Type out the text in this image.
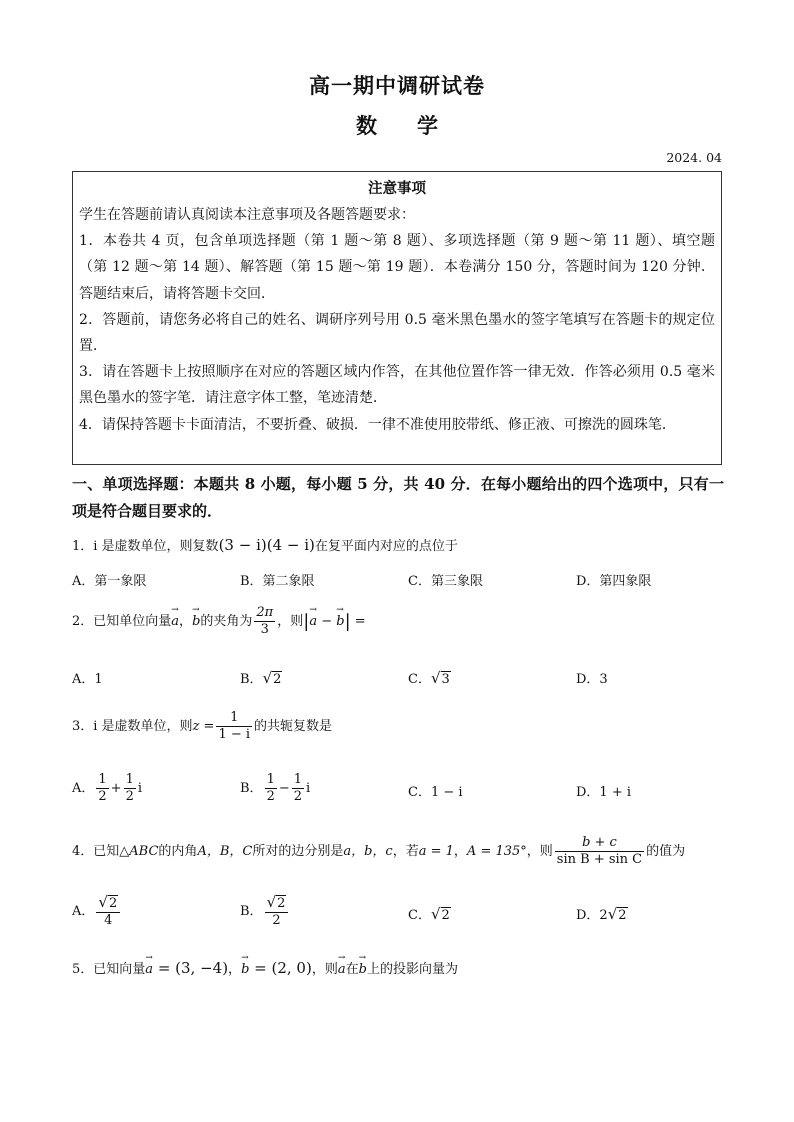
高一期中调研试卷
数 学
2024. 04
注意事项

学生在答题前请认真阅读本注意事项及各题答题要求：

1．本卷共 4 页，包含单项选择题（第 1 题～第 8 题）、多项选择题（第 9 题～第 11 题）、填空题（第 12 题～第 14 题）、解答题（第 15 题～第 19 题）．本卷满分 150 分，答题时间为 120 分钟．答题结束后，请将答题卡交回．

2．答题前，请您务必将自己的姓名、调研序列号用 0.5 毫米黑色墨水的签字笔填写在答题卡的规定位置．

3．请在答题卡上按照顺序在对应的答题区域内作答，在其他位置作答一律无效．作答必须用 0.5 毫米黑色墨水的签字笔．请注意字体工整，笔迹清楚．

4．请保持答题卡卡面清洁，不要折叠、破损．一律不准使用胶带纸、修正液、可擦洗的圆珠笔．

一、单项选择题：本题共 8 小题，每小题 5 分，共 40 分．在每小题给出的四个选项中，只有一项是符合题目要求的．
1．i 是虚数单位，则复数(3 − i)(4 − i)在复平面内对应的点位于
A．第一象限	B．第二象限	C．第三象限	D．第四象限
2．已知单位向量→ a，→ b的夹角为 $\frac{2\pi}{3}$ ，则|→ a − → b| =
A．1	B．√2	C．√3	D．3
3．i 是虚数单位，则$z = \frac{1}{1 - i}$ 的共轭复数是
A． $\frac{1}{2} + \frac{1}{2}$ i	B． $\frac{1}{2} - \frac{1}{2}$ i	C．1 − i	D．1 + i
4．已知△ABC的内角A，B，C所对的边分别是a，b，c，若a = 1，A = 135°，则 $\frac{b + c}{\text{sin B + sin C}}$ 的值为
A． $\frac{√2}{4}$	B． $\frac{√2}{2}$	C．√2	D．2√2
5．已知向量→ a = (3, −4)，→ b = (2, 0)，则→ a在→ b上的投影向量为
